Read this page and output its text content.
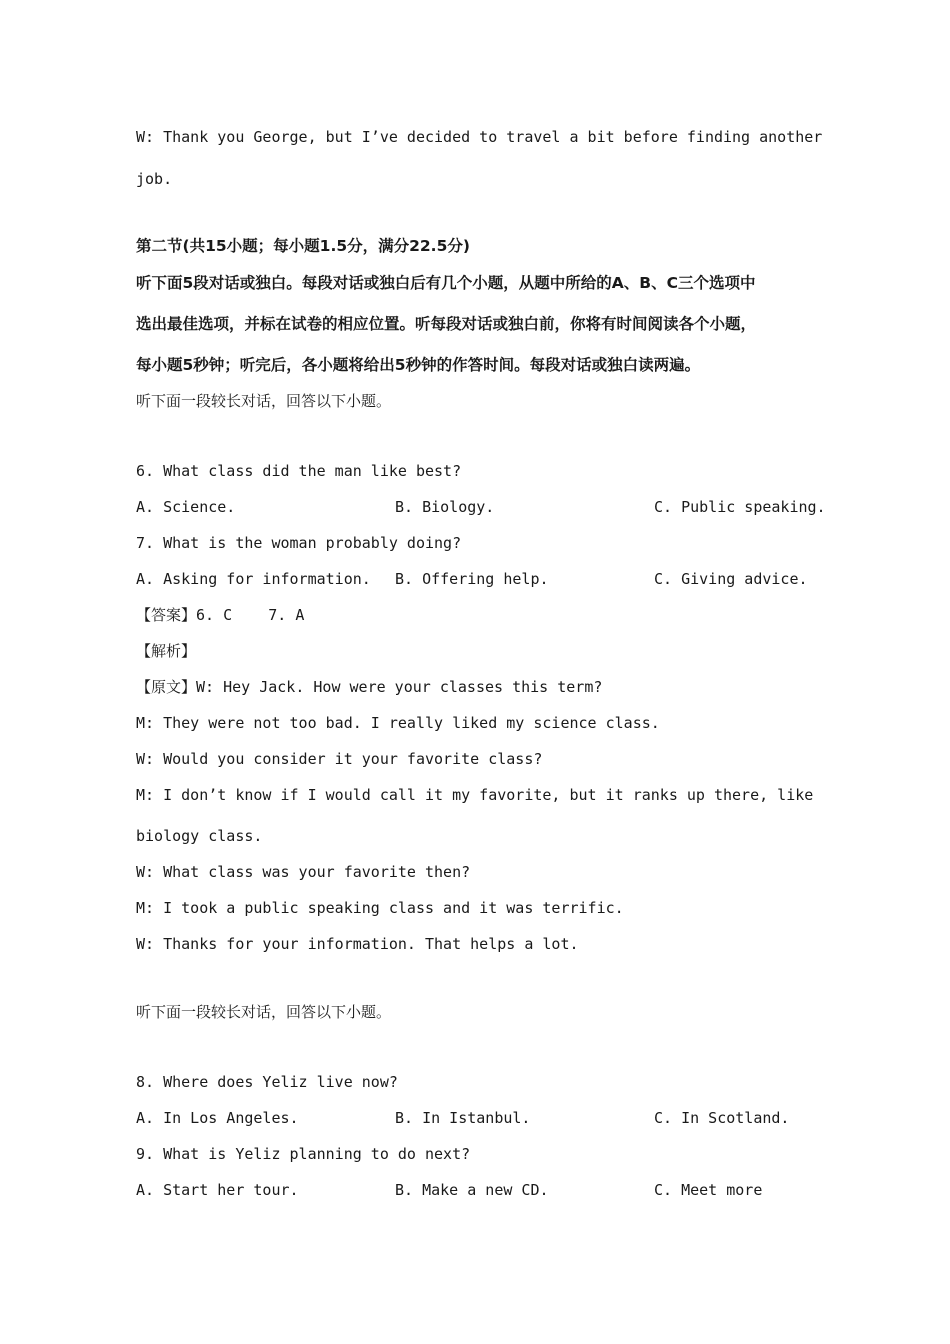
W: Thank you George, but I’ve decided to travel a bit before finding another
job.
第二节(共15小题；每小题1.5分，满分22.5分)
听下面5段对话或独白。每段对话或独白后有几个小题，从题中所给的A、B、C三个选项中
选出最佳选项，并标在试卷的相应位置。听每段对话或独白前，你将有时间阅读各个小题，
每小题5秒钟；听完后，各小题将给出5秒钟的作答时间。每段对话或独白读两遍。
听下面一段较长对话，回答以下小题。
6. What class did the man like best?
A. Science.	B. Biology.	C. Public speaking.
7. What is the woman probably doing?
A. Asking for information. B. Offering help.	C. Giving advice.
【答案】6. C    7. A
【解析】
【原文】W: Hey Jack. How were your classes this term?
M: They were not too bad. I really liked my science class.
W: Would you consider it your favorite class?
M: I don’t know if I would call it my favorite, but it ranks up there, like
biology class.
W: What class was your favorite then?
M: I took a public speaking class and it was terrific.
W: Thanks for your information. That helps a lot.
听下面一段较长对话，回答以下小题。
8. Where does Yeliz live now?
A. In Los Angeles.	B. In Istanbul.	C. In Scotland.
9. What is Yeliz planning to do next?
A. Start her tour.	B. Make a new CD.	C. Meet more
